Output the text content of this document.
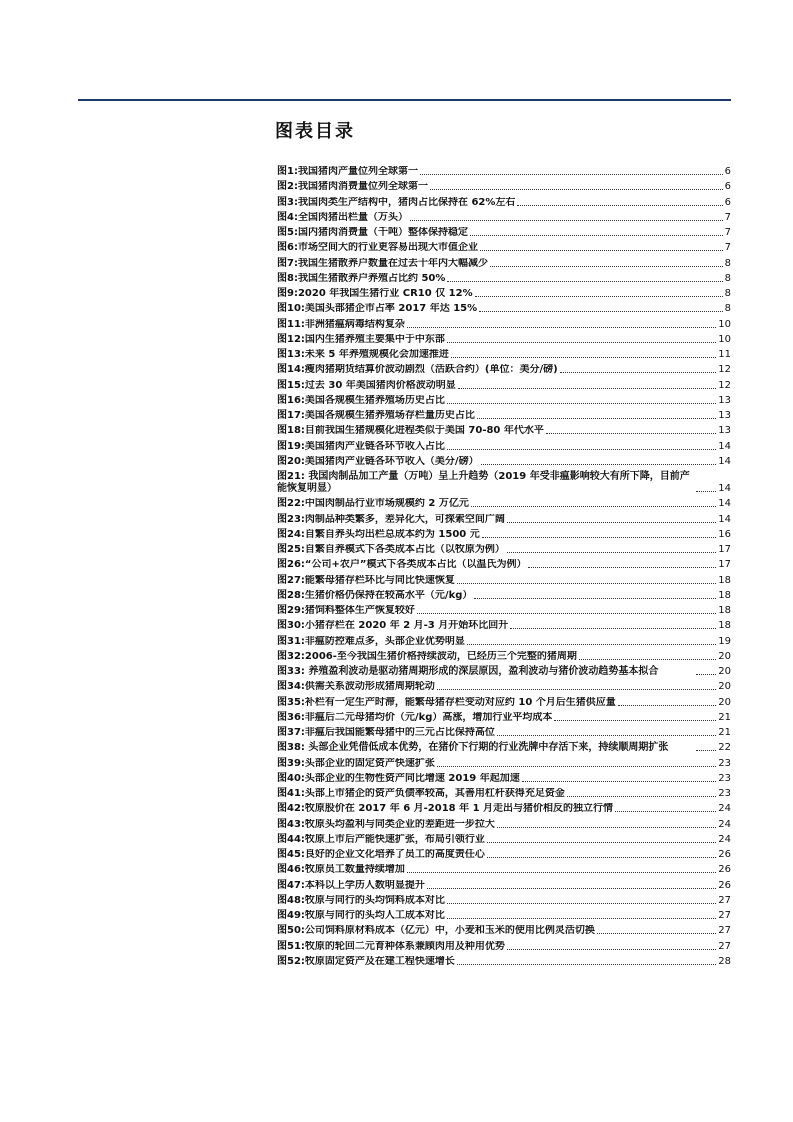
图表目录
图1: 我国猪肉产量位列全球第一	6
图2: 我国猪肉消费量位列全球第一	6
图3: 我国肉类生产结构中，猪肉占比保持在 62%左右	6
图4: 全国肉猪出栏量（万头）	7
图5: 国内猪肉消费量（千吨）整体保持稳定	7
图6: 市场空间大的行业更容易出现大市值企业	7
图7: 我国生猪散养户数量在过去十年内大幅减少	8
图8: 我国生猪散养户养殖占比约 50%	8
图9: 2020 年我国生猪行业 CR10 仅 12%	8
图10: 美国头部猪企市占率 2017 年达 15%	8
图11: 非洲猪瘟病毒结构复杂	10
图12: 国内生猪养殖主要集中于中东部	10
图13: 未来 5 年养殖规模化会加速推进	11
图14: 瘦肉猪期货结算价波动剧烈（活跃合约）(单位：美分/磅)	12
图15: 过去 30 年美国猪肉价格波动明显	12
图16: 美国各规模生猪养殖场历史占比	13
图17: 美国各规模生猪养殖场存栏量历史占比	13
图18: 目前我国生猪规模化进程类似于美国 70-80 年代水平	13
图19: 美国猪肉产业链各环节收入占比	14
图20: 美国猪肉产业链各环节收入（美分/磅）	14
图21: 我国肉制品加工产量（万吨）呈上升趋势（2019 年受非瘟影响较大有所下降，目前产能恢复明显）	14
图22: 中国肉制品行业市场规模约 2 万亿元	14
图23: 肉制品种类繁多，差异化大，可探索空间广阔	14
图24: 自繁自养头均出栏总成本约为 1500 元	16
图25: 自繁自养模式下各类成本占比（以牧原为例）	17
图26: “公司+农户”模式下各类成本占比（以温氏为例）	17
图27: 能繁母猪存栏环比与同比快速恢复	18
图28: 生猪价格仍保持在较高水平（元/kg）	18
图29: 猪饲料整体生产恢复较好	18
图30: 小猪存栏在 2020 年 2 月-3 月开始环比回升	18
图31: 非瘟防控难点多，头部企业优势明显	19
图32: 2006-至今我国生猪价格持续波动，已经历三个完整的猪周期	20
图33: 养殖盈利波动是驱动猪周期形成的深层原因，盈利波动与猪价波动趋势基本拟合	20
图34: 供需关系波动形成猪周期轮动	20
图35: 补栏有一定生产时滞，能繁母猪存栏变动对应约 10 个月后生猪供应量	20
图36: 非瘟后二元母猪均价（元/kg）高涨，增加行业平均成本	21
图37: 非瘟后我国能繁母猪中的三元占比保持高位	21
图38: 头部企业凭借低成本优势，在猪价下行期的行业洗牌中存活下来，持续顺周期扩张	22
图39: 头部企业的固定资产快速扩张	23
图40: 头部企业的生物性资产同比增速 2019 年起加速	23
图41: 头部上市猪企的资产负债率较高，其善用杠杆获得充足资金	23
图42: 牧原股价在 2017 年 6 月-2018 年 1 月走出与猪价相反的独立行情	24
图43: 牧原头均盈利与同类企业的差距进一步拉大	24
图44: 牧原上市后产能快速扩张，布局引领行业	24
图45: 良好的企业文化培养了员工的高度责任心	26
图46: 牧原员工数量持续增加	26
图47: 本科以上学历人数明显提升	26
图48: 牧原与同行的头均饲料成本对比	27
图49: 牧原与同行的头均人工成本对比	27
图50: 公司饲料原材料成本（亿元）中，小麦和玉米的使用比例灵活切换	27
图51: 牧原的轮回二元育种体系兼顾肉用及种用优势	27
图52: 牧原固定资产及在建工程快速增长	28
